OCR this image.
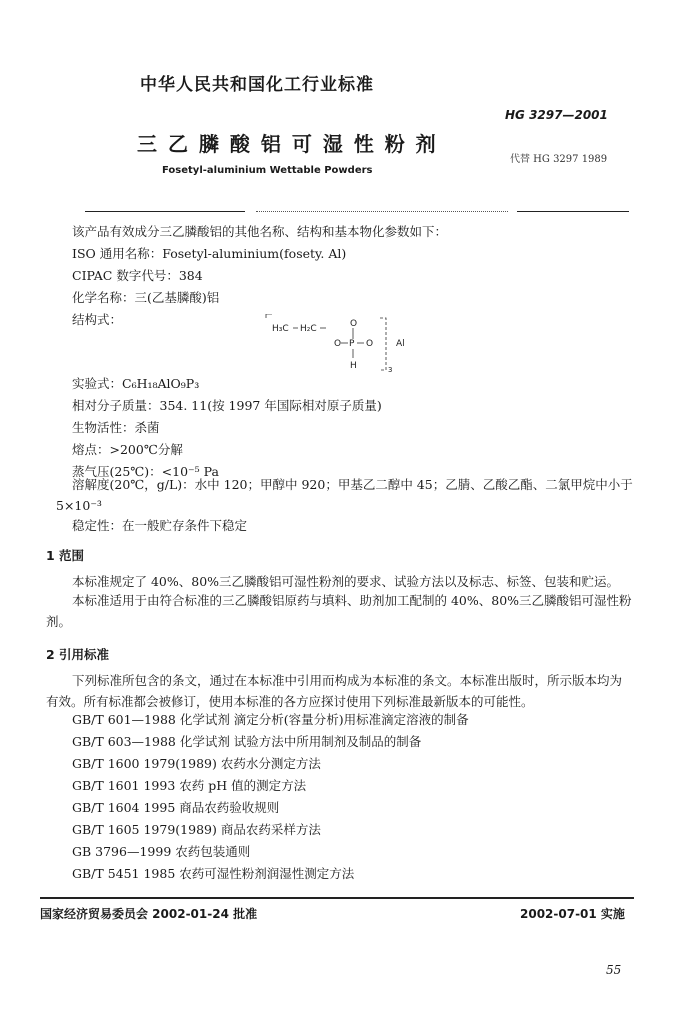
中华人民共和国化工行业标准
HG 3297—2001
三 乙 膦 酸 铝 可 湿 性 粉 剂
代替 HG 3297 1989
Fosetyl-aluminium Wettable Powders
该产品有效成分三乙膦酸铝的其他名称、结构和基本物化参数如下：
ISO 通用名称：Fosetyl-aluminium(fosety. Al)
CIPAC 数字代号：384
化学名称：三(乙基膦酸)铝
结构式：
H₃C H₂C	O
O P O
H
Al
3
实验式：C₆H₁₈AlO₉P₃
相对分子质量：354. 11(按 1997 年国际相对原子质量)
生物活性：杀菌
熔点：>200℃分解
蒸气压(25℃)：<10⁻⁵ Pa
溶解度(20℃，g/L)：水中 120；甲醇中 920；甲基乙二醇中 45；乙腈、乙酸乙酯、二氯甲烷中小于 5×10⁻³
稳定性：在一般贮存条件下稳定
1 范围
本标准规定了 40%、80%三乙膦酸铝可湿性粉剂的要求、试验方法以及标志、标签、包装和贮运。
本标准适用于由符合标准的三乙膦酸铝原药与填料、助剂加工配制的 40%、80%三乙膦酸铝可湿性粉剂。
2 引用标准
下列标准所包含的条文，通过在本标准中引用而构成为本标准的条文。本标准出版时，所示版本均为有效。所有标准都会被修订，使用本标准的各方应探讨使用下列标准最新版本的可能性。
GB/T 601—1988 化学试剂 滴定分析(容量分析)用标准滴定溶液的制备
GB/T 603—1988 化学试剂 试验方法中所用制剂及制品的制备
GB/T 1600 1979(1989) 农药水分测定方法
GB/T 1601 1993 农药 pH 值的测定方法
GB/T 1604 1995 商品农药验收规则
GB/T 1605 1979(1989) 商品农药采样方法
GB 3796—1999 农药包装通则
GB/T 5451 1985 农药可湿性粉剂润湿性测定方法
国家经济贸易委员会 2002-01-24 批准	2002-07-01 实施
55
